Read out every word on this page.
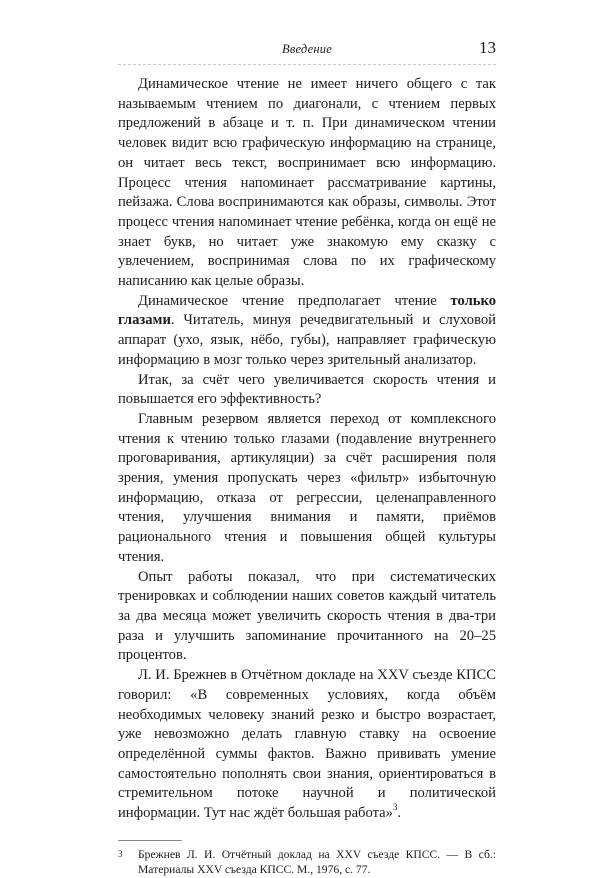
Введение	13

Динамическое чтение не имеет ничего общего с так называемым чтением по диагонали, с чтением первых предложений в абзаце и т. п. При динамическом чтении человек видит всю графическую информацию на странице, он читает весь текст, воспринимает всю информацию. Процесс чтения напоминает рассматривание картины, пейзажа. Слова воспринимаются как образы, символы. Этот процесс чтения напоминает чтение ребёнка, когда он ещё не знает букв, но читает уже знакомую ему сказку с увлечением, воспринимая слова по их графическому написанию как целые образы.

Динамическое чтение предполагает чтение только глазами. Читатель, минуя речедвигательный и слуховой аппарат (ухо, язык, нёбо, губы), направляет графическую информацию в мозг только через зрительный анализатор.

Итак, за счёт чего увеличивается скорость чтения и повышается его эффективность?

Главным резервом является переход от комплексного чтения к чтению только глазами (подавление внутреннего проговаривания, артикуляции) за счёт расширения поля зрения, умения пропускать через «фильтр» избыточную информацию, отказа от регрессии, целенаправленного чтения, улучшения внимания и памяти, приёмов рационального чтения и повышения общей культуры чтения.

Опыт работы показал, что при систематических тренировках и соблюдении наших советов каждый читатель за два месяца может увеличить скорость чтения в два-три раза и улучшить запоминание прочитанного на 20–25 процентов.

Л. И. Брежнев в Отчётном докладе на XXV съезде КПСС говорил: «В современных условиях, когда объём необходимых человеку знаний резко и быстро возрастает, уже невозможно делать главную ставку на освоение определённой суммы фактов. Важно прививать умение самостоятельно пополнять свои знания, ориентироваться в стремительном потоке научной и политической информации. Тут нас ждёт большая работа»$^3$.

3 Брежнев Л. И. Отчётный доклад на XXV съезде КПСС. — В сб.: Материалы XXV съезда КПСС. М., 1976, с. 77.
